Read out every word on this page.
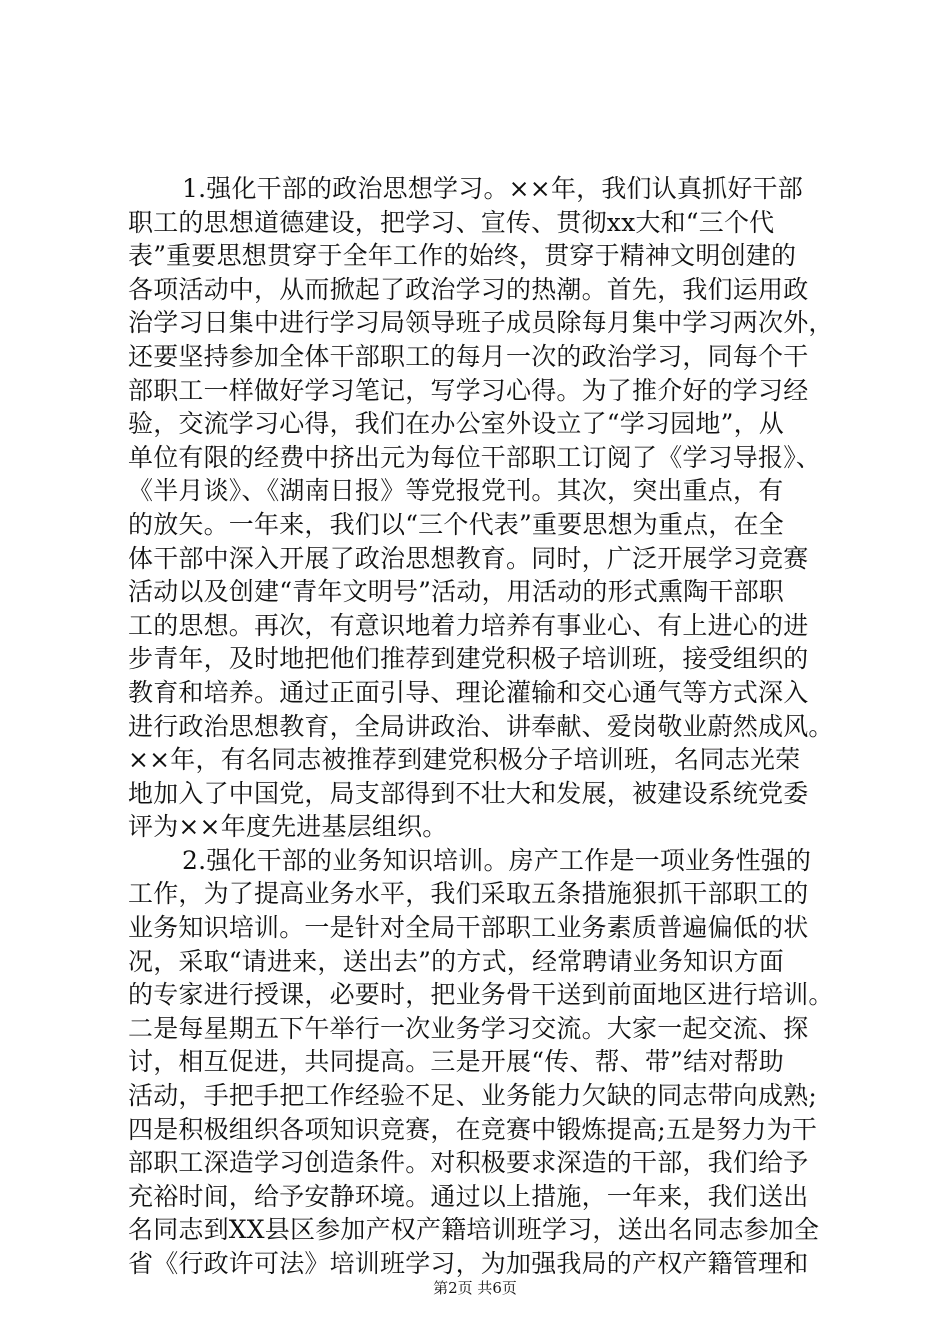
1.强化干部的政治思想学习。××年，我们认真抓好干部
职工的思想道德建设，把学习、宣传、贯彻xx大和“三个代
表”重要思想贯穿于全年工作的始终，贯穿于精神文明创建的
各项活动中，从而掀起了政治学习的热潮。首先，我们运用政
治学习日集中进行学习局领导班子成员除每月集中学习两次外，
还要坚持参加全体干部职工的每月一次的政治学习，同每个干
部职工一样做好学习笔记，写学习心得。为了推介好的学习经
验，交流学习心得，我们在办公室外设立了“学习园地”，从
单位有限的经费中挤出元为每位干部职工订阅了《学习导报》、
《半月谈》、《湖南日报》等党报党刊。其次，突出重点，有
的放矢。一年来，我们以“三个代表”重要思想为重点，在全
体干部中深入开展了政治思想教育。同时，广泛开展学习竞赛
活动以及创建“青年文明号”活动，用活动的形式熏陶干部职
工的思想。再次，有意识地着力培养有事业心、有上进心的进
步青年，及时地把他们推荐到建党积极子培训班，接受组织的
教育和培养。通过正面引导、理论灌输和交心通气等方式深入
进行政治思想教育，全局讲政治、讲奉献、爱岗敬业蔚然成风。
××年，有名同志被推荐到建党积极分子培训班，名同志光荣
地加入了中国党，局支部得到不壮大和发展，被建设系统党委
评为××年度先进基层组织。
2.强化干部的业务知识培训。房产工作是一项业务性强的
工作，为了提高业务水平，我们采取五条措施狠抓干部职工的
业务知识培训。一是针对全局干部职工业务素质普遍偏低的状
况，采取“请进来，送出去”的方式，经常聘请业务知识方面
的专家进行授课，必要时，把业务骨干送到前面地区进行培训。
二是每星期五下午举行一次业务学习交流。大家一起交流、探
讨，相互促进，共同提高。三是开展“传、帮、带”结对帮助
活动，手把手把工作经验不足、业务能力欠缺的同志带向成熟;
四是积极组织各项知识竞赛，在竞赛中锻炼提高;五是努力为干
部职工深造学习创造条件。对积极要求深造的干部，我们给予
充裕时间，给予安静环境。通过以上措施，一年来，我们送出
名同志到XX县区参加产权产籍培训班学习，送出名同志参加全
省《行政许可法》培训班学习，为加强我局的产权产籍管理和
第2页 共6页
